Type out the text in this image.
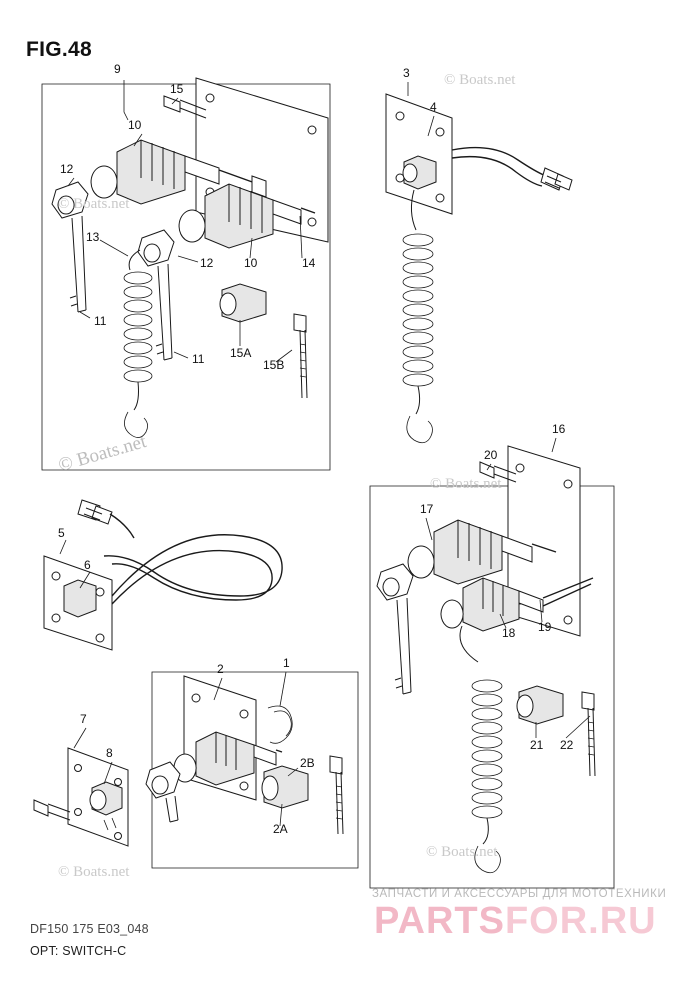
FIG.48
9
15
10
12
13
12	10	14
11
11 15A
15B
3
4
5
6
7
8
1
2
2B
2A
16
20
17
18 19
21 22
© Boats.net
© Boats.net
© Boats.net
© Boats.net
© Boats.net
© Boats.net
ЗАПЧАСТИ И АКСЕССУАРЫ ДЛЯ МОТОТЕХНИКИ
PARTSFOR.RU
DF150 175 E03_048
OPT: SWITCH-C
